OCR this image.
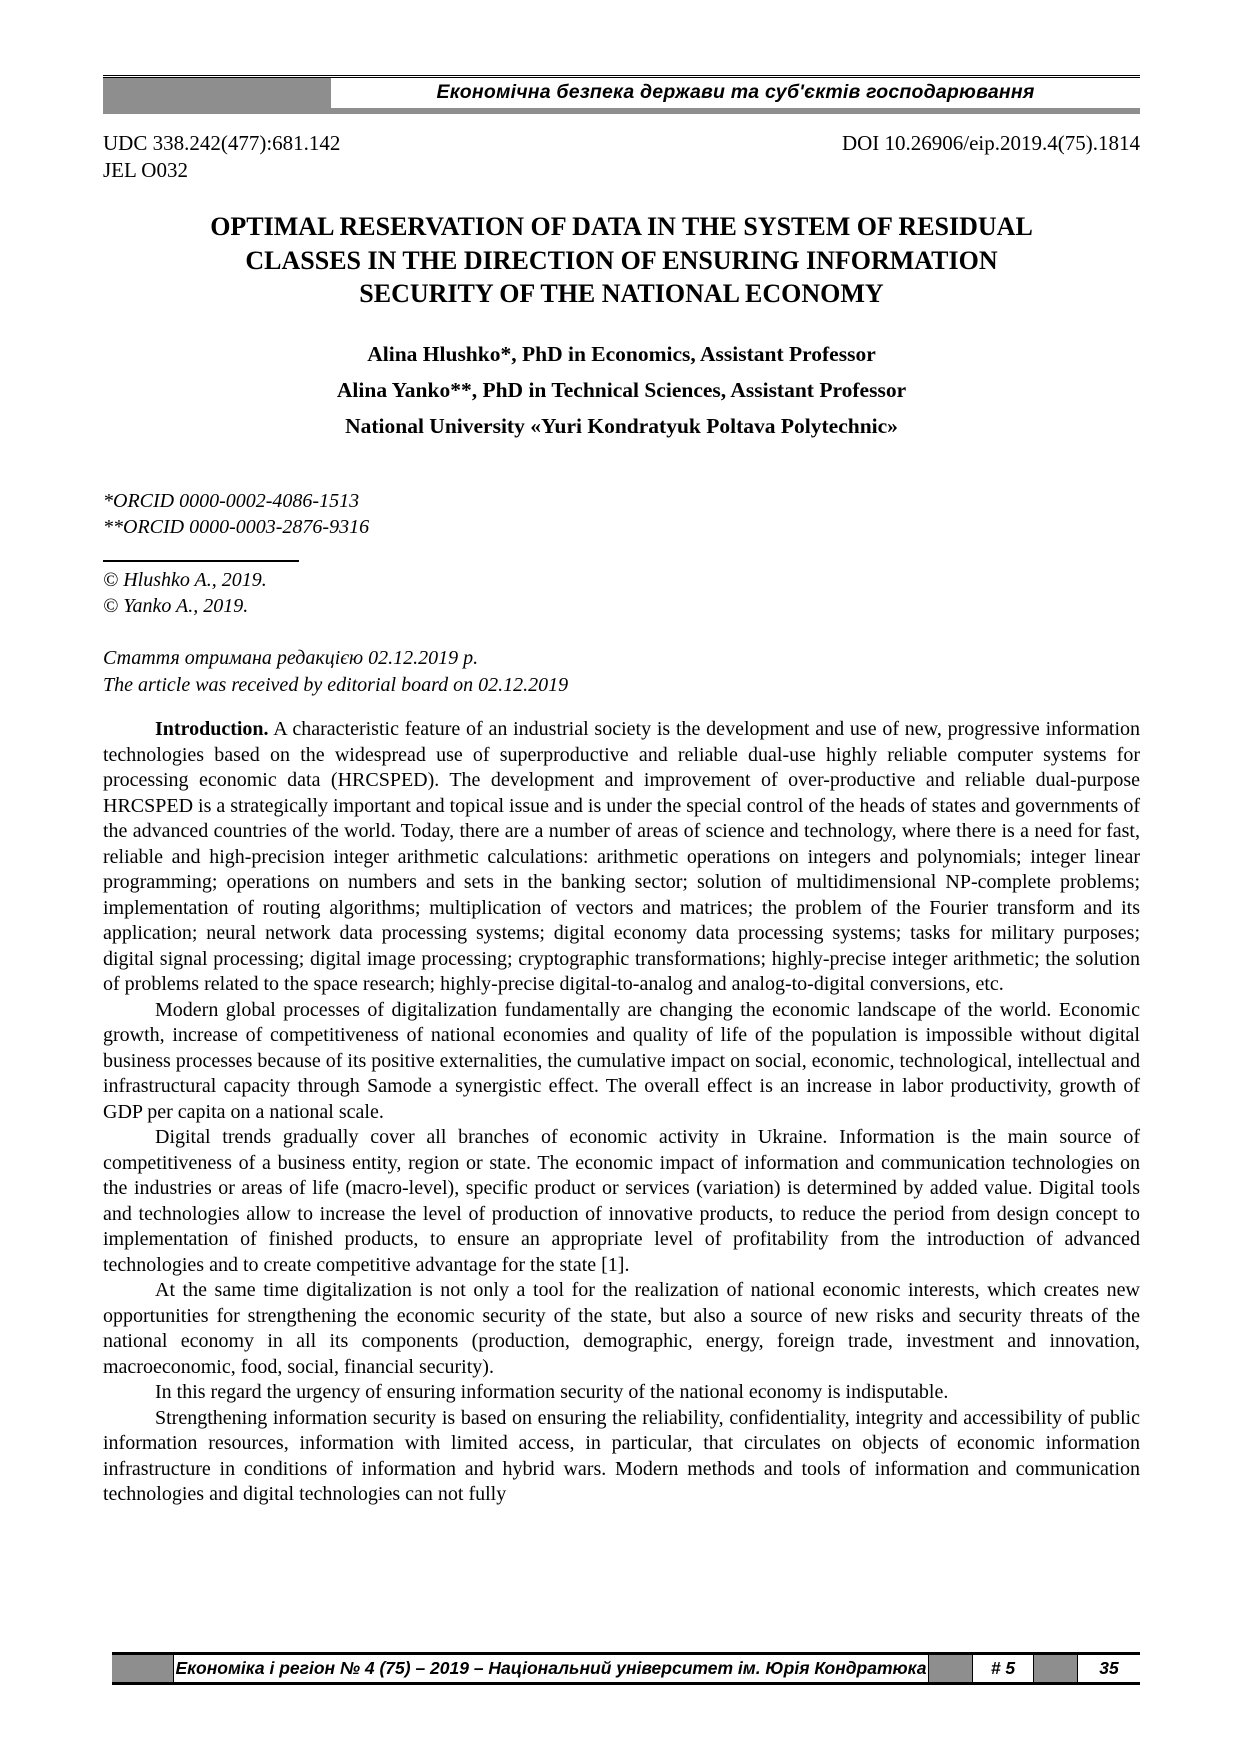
Економічна безпека держави та суб'єктів господарювання
UDC 338.242(477):681.142	DOI 10.26906/eip.2019.4(75).1814
JEL O032
OPTIMAL RESERVATION OF DATA IN THE SYSTEM OF RESIDUAL
CLASSES IN THE DIRECTION OF ENSURING INFORMATION
SECURITY OF THE NATIONAL ECONOMY
Alina Hlushko*, PhD in Economics, Assistant Professor
Alina Yanko**, PhD in Technical Sciences, Assistant Professor
National University «Yuri Kondratyuk Poltava Polytechnic»
*ORCID 0000-0002-4086-1513
**ORCID 0000-0003-2876-9316
© Hlushko A., 2019.
© Yanko A., 2019.
Стаття отримана редакцією 02.12.2019 р.
The article was received by editorial board on 02.12.2019

Introduction. A characteristic feature of an industrial society is the development and use of new, progressive information technologies based on the widespread use of superproductive and reliable dual-use highly reliable computer systems for processing economic data (HRCSPED). The development and improvement of over-productive and reliable dual-purpose HRCSPED is a strategically important and topical issue and is under the special control of the heads of states and governments of the advanced countries of the world. Today, there are a number of areas of science and technology, where there is a need for fast, reliable and high-precision integer arithmetic calculations: arithmetic operations on integers and polynomials; integer linear programming; operations on numbers and sets in the banking sector; solution of multidimensional NP-complete problems; implementation of routing algorithms; multiplication of vectors and matrices; the problem of the Fourier transform and its application; neural network data processing systems; digital economy data processing systems; tasks for military purposes; digital signal processing; digital image processing; cryptographic transformations; highly-precise integer arithmetic; the solution of problems related to the space research; highly-precise digital-to-analog and analog-to-digital conversions, etc.

Modern global processes of digitalization fundamentally are changing the economic landscape of the world. Economic growth, increase of competitiveness of national economies and quality of life of the population is impossible without digital business processes because of its positive externalities, the cumulative impact on social, economic, technological, intellectual and infrastructural capacity through Samode a synergistic effect. The overall effect is an increase in labor productivity, growth of GDP per capita on a national scale.

Digital trends gradually cover all branches of economic activity in Ukraine. Information is the main source of competitiveness of a business entity, region or state. The economic impact of information and communication technologies on the industries or areas of life (macro-level), specific product or services (variation) is determined by added value. Digital tools and technologies allow to increase the level of production of innovative products, to reduce the period from design concept to implementation of finished products, to ensure an appropriate level of profitability from the introduction of advanced technologies and to create competitive advantage for the state [1].

At the same time digitalization is not only a tool for the realization of national economic interests, which creates new opportunities for strengthening the economic security of the state, but also a source of new risks and security threats of the national economy in all its components (production, demographic, energy, foreign trade, investment and innovation, macroeconomic, food, social, financial security).

In this regard the urgency of ensuring information security of the national economy is indisputable.

Strengthening information security is based on ensuring the reliability, confidentiality, integrity and accessibility of public information resources, information with limited access, in particular, that circulates on objects of economic information infrastructure in conditions of information and hybrid wars. Modern methods and tools of information and communication technologies and digital technologies can not fully

Економіка і регіон № 4 (75) – 2019 – Національний університет ім. Юрія Кондратюка	# 5	35
